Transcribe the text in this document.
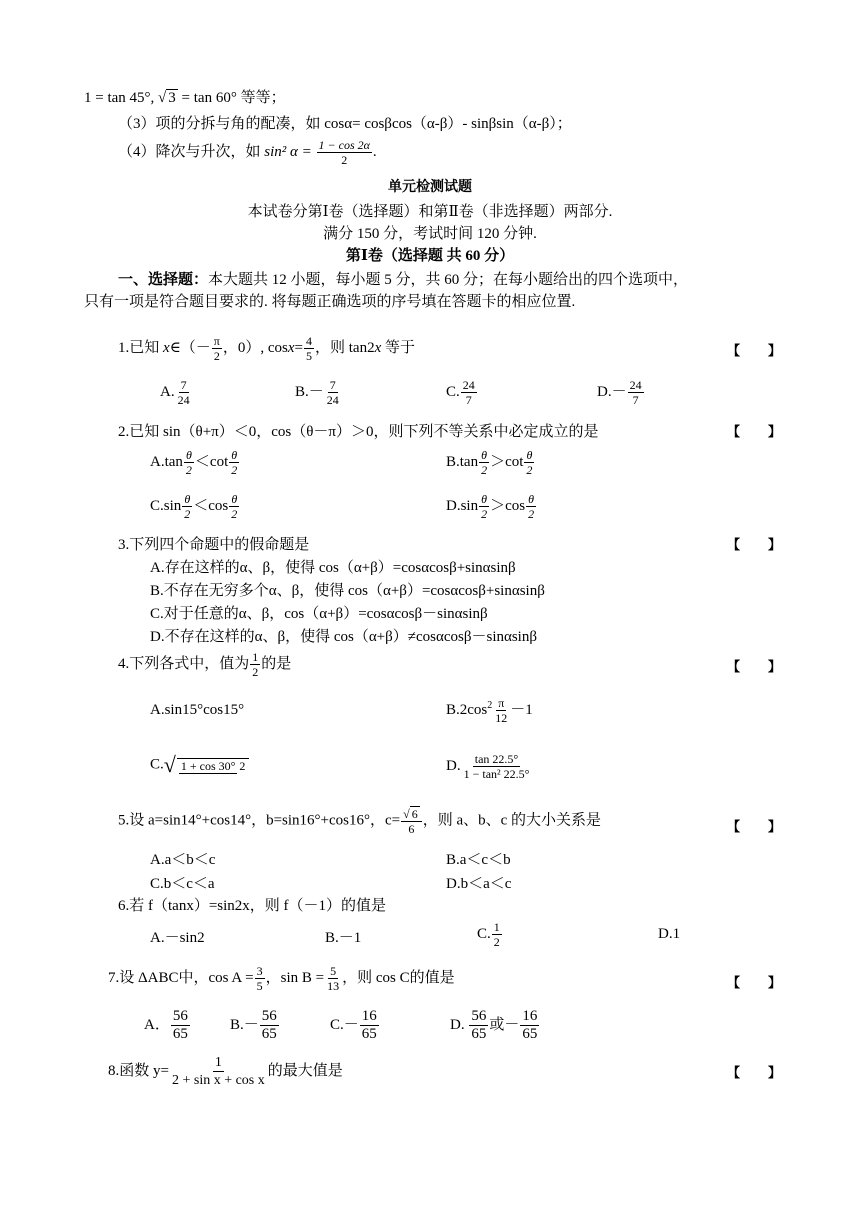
1 = tan 45°, √ 3 = tan 60° 等等；
（3）项的分拆与角的配凑，如 cosα= cosβcos（α-β）- sinβsin（α-β）；
（4）降次与升次，如 sin² $\alpha = \frac{1 - \cos 2\alpha}{2}$ .
单元检测试题
本试卷分第Ⅰ卷（选择题）和第Ⅱ卷（非选择题）两部分.
满分 150 分，考试时间 120 分钟.
第Ⅰ卷（选择题 共 60 分）
一、选择题：本大题共 12 小题，每小题 5 分，共 60 分；在每小题给出的四个选项中，
只有一项是符合题目要求的. 将每题正确选项的序号填在答题卡的相应位置.
1.已知 x∈（－ $\frac{\pi}{2}$ ，0）, $\cos x= \frac{4}{5}$ ，则 tan2x 等于	【 】
A. $\frac{7}{24}$	$B.- \frac{7}{24}$	C. $\frac{24}{7}$	$D.- \frac{24}{7}$
2.已知 sin（θ+π）＜0，cos（θ－π）＞0，则下列不等关系中必定成立的是	【 】
$A.\tan \frac{\theta}{2} <\cot \frac{\theta}{2}$	$B.\tan \frac{\theta}{2} >\cot \frac{\theta}{2}$
$C.\sin \frac{\theta}{2} <\cos \frac{\theta}{2}$	$D.\sin \frac{\theta}{2} >\cos \frac{\theta}{2}$
3.下列四个命题中的假命题是	【 】
A.存在这样的α、β，使得 cos（α+β）=cosαcosβ+sinαsinβ
B.不存在无穷多个α、β，使得 cos（α+β）=cosαcosβ+sinαsinβ
C.对于任意的α、β，cos（α+β）=cosαcosβ－sinαsinβ
D.不存在这样的α、β，使得 cos（α+β）≠cosαcosβ－sinαsinβ
4.下列各式中，值为 $\frac{1}{2}$ 的是	【 】
A.sin15°cos15°	$B.2\cos^2 \frac{\pi}{12} -1$
C.√ 1 + cos 30° 2	D. $\frac{\tan 22.5^\circ}{\text{1 − tan² 22.5°}}$
5.设 a=sin14°+cos14°，b=sin16°+cos16°，$c= \frac{√ 6}{6}$ ，则 a、b、c 的大小关系是	【 】
A.a＜b＜c	B.a＜c＜b
C.b＜c＜a	D.b＜a＜c
6.若 f（tanx）=sin2x，则 f（－1）的值是
A.－sin2	B.－1	C. $\frac{1}{2}$	D.1
7.设 ΔABC中，$\cos A = \frac{3}{5}$ ，$\sin B = \frac{5}{13}$ ，则 cos C的值是	【 】
A． $\frac{56}{65}$	$B.- \frac{56}{65}$	$C.- \frac{16}{65}$	D. $\frac{56}{65}$ 或－ $\frac{16}{65}$
8.函数 $y= \frac{1}{\text{2 + sin x + cos x}}$ 的最大值是	【 】
